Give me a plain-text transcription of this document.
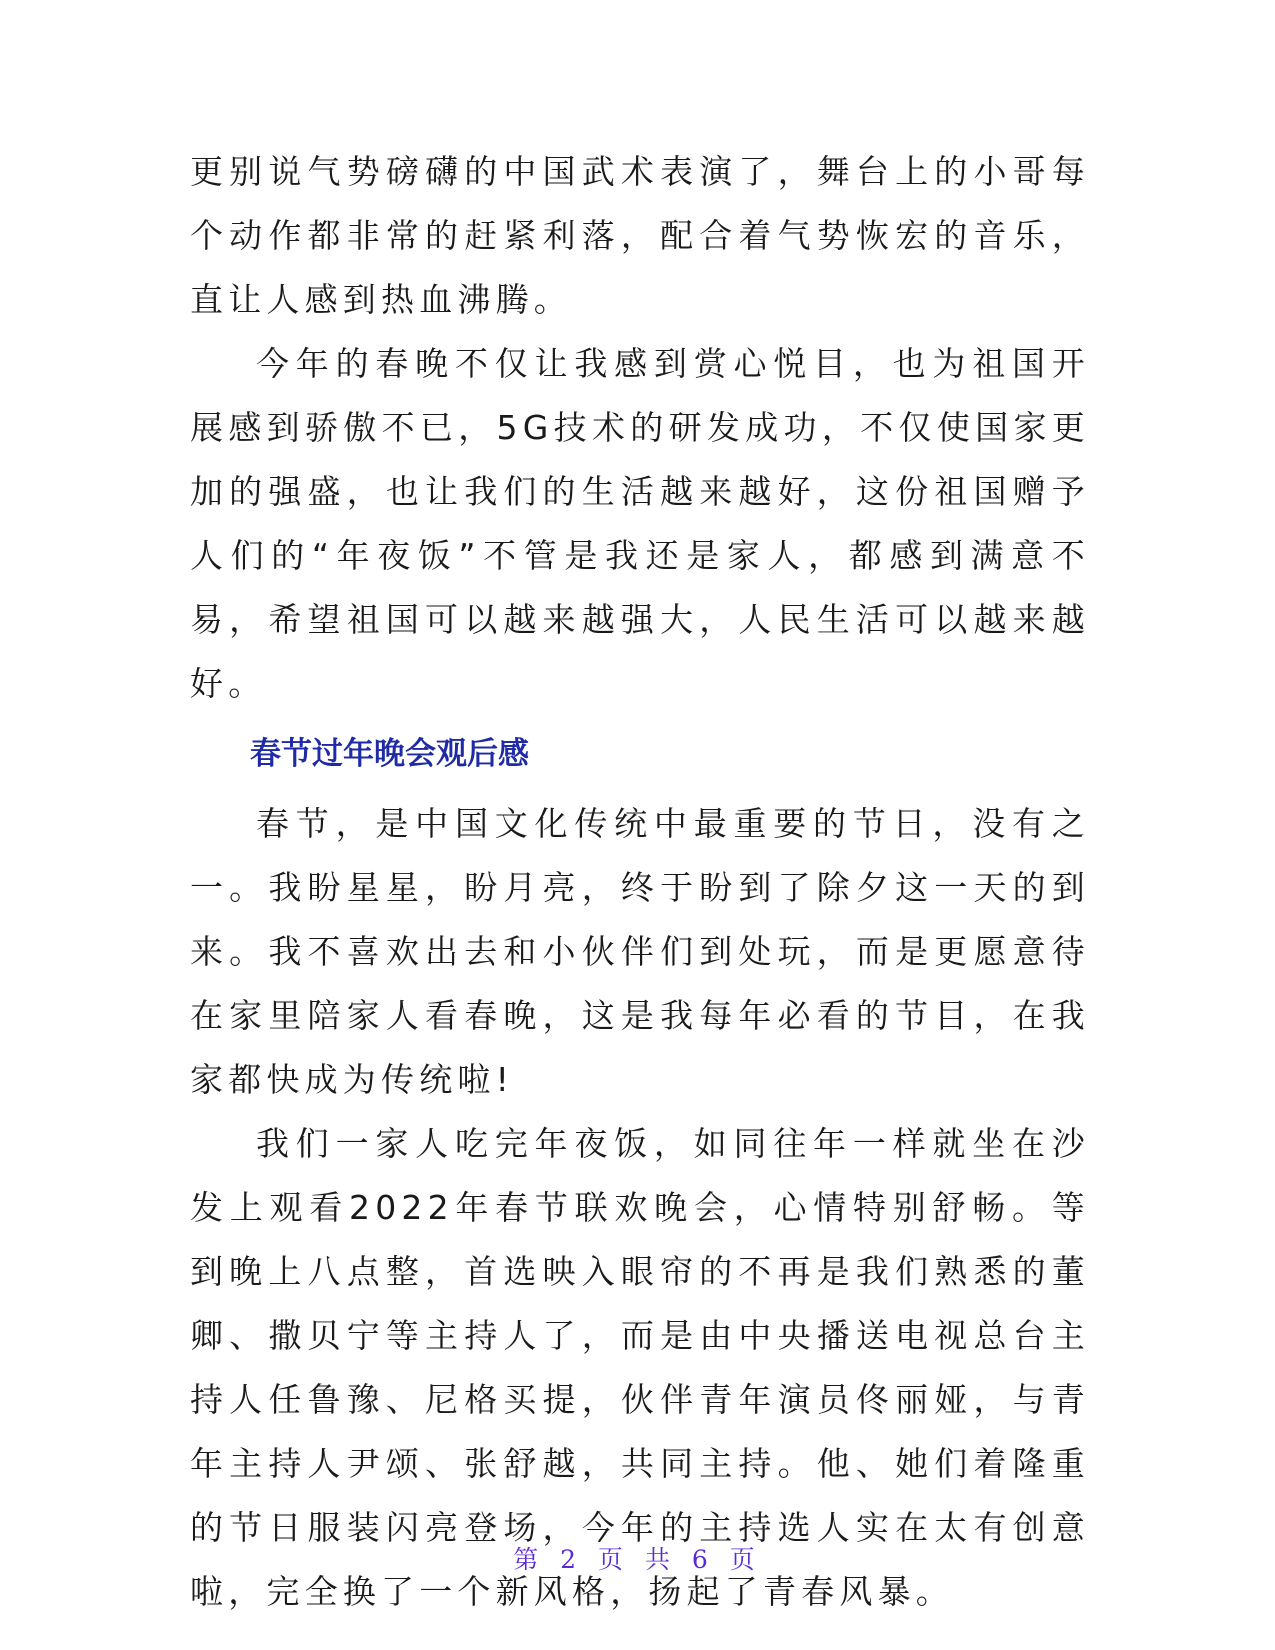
更别说气势磅礴的中国武术表演了，舞台上的小哥每个动作都非常的赶紧利落，配合着气势恢宏的音乐，直让人感到热血沸腾。

今年的春晚不仅让我感到赏心悦目，也为祖国开展感到骄傲不已，5G技术的研发成功，不仅使国家更加的强盛，也让我们的生活越来越好，这份祖国赠予人们的“年夜饭”不管是我还是家人，都感到满意不易，希望祖国可以越来越强大，人民生活可以越来越好。

春节过年晚会观后感

春节，是中国文化传统中最重要的节日，没有之一。我盼星星，盼月亮，终于盼到了除夕这一天的到来。我不喜欢出去和小伙伴们到处玩，而是更愿意待在家里陪家人看春晚，这是我每年必看的节目，在我家都快成为传统啦!

我们一家人吃完年夜饭，如同往年一样就坐在沙发上观看2022年春节联欢晚会，心情特别舒畅。等到晚上八点整，首选映入眼帘的不再是我们熟悉的董卿、撒贝宁等主持人了，而是由中央播送电视总台主持人任鲁豫、尼格买提，伙伴青年演员佟丽娅，与青年主持人尹颂、张舒越，共同主持。他、她们着隆重的节日服装闪亮登场，今年的主持选人实在太有创意啦，完全换了一个新风格，扬起了青春风暴。

第 2 页 共 6 页
